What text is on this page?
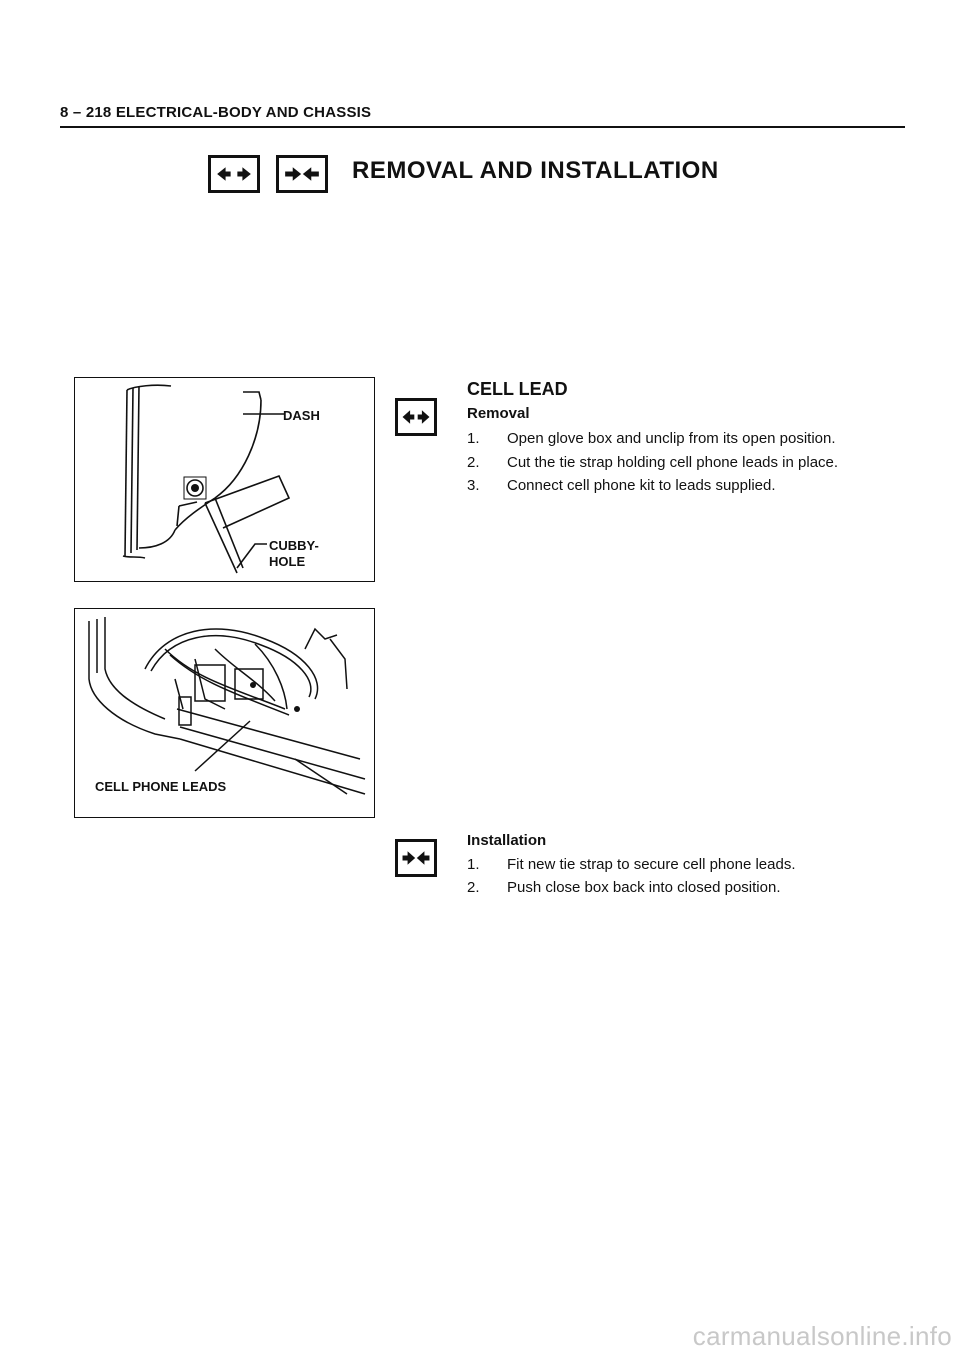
8 – 218 ELECTRICAL-BODY AND CHASSIS
REMOVAL AND INSTALLATION
DASH
CUBBY-
HOLE
CELL PHONE LEADS
CELL LEAD
Removal
1. Open glove box and unclip from its open position.
2. Cut the tie strap holding cell phone leads in place.
3. Connect cell phone kit to leads supplied.
Installation
1. Fit new tie strap to secure cell phone leads.
2. Push close box back into closed position.
carmanualsonline.info
